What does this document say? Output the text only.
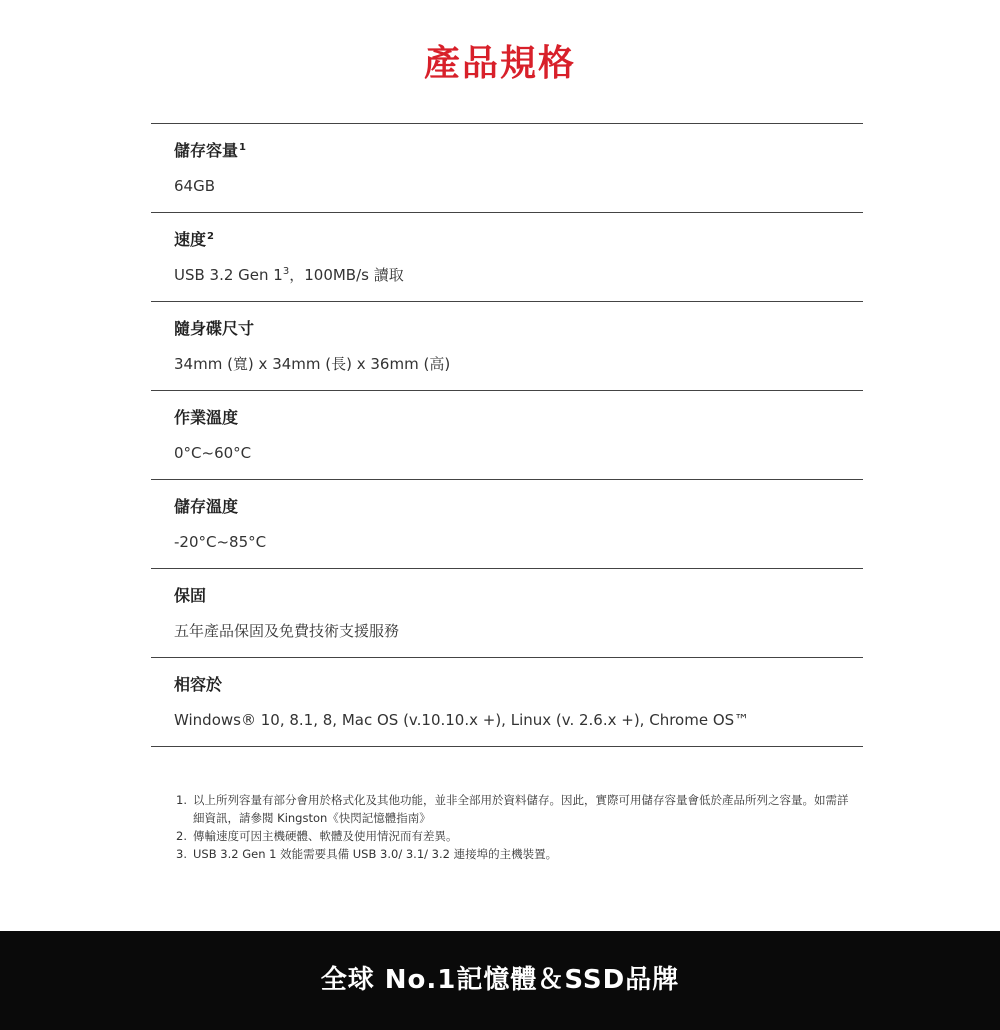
產品規格
儲存容量$^1$
64GB
速度$^2$
USB 3.2 Gen $1^3$，100MB/s 讀取
隨身碟尺寸
34mm (寬) x 34mm (長) x 36mm (高)
作業溫度
0°C~60°C
儲存溫度
-20°C~85°C
保固
五年產品保固及免費技術支援服務
相容於
Windows® 10, 8.1, 8, Mac OS (v.10.10.x +), Linux (v. 2.6.x +), Chrome OS™
1. 以上所列容量有部分會用於格式化及其他功能，並非全部用於資料儲存。因此，實際可用儲存容量會低於產品所列之容量。如需詳細資訊，請參閱 Kingston《快閃記憶體指南》
2. 傳輸速度可因主機硬體、軟體及使用情況而有差異。
3. USB 3.2 Gen 1 效能需要具備 USB 3.0/ 3.1/ 3.2 連接埠的主機裝置。
全球 No.1記憶體＆SSD品牌
